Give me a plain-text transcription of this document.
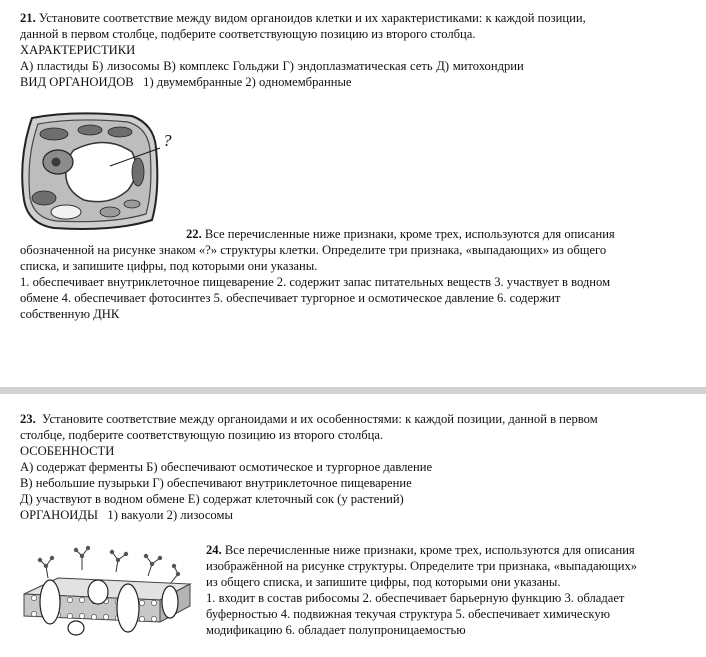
21. Установите соответствие между видом органоидов клетки и их характеристиками: к каждой позиции,
данной в первом столбце, подберите соответствующую позицию из второго столбца.
ХАРАКТЕРИСТИКИ
А) пластиды Б) лизосомы В) комплекс Гольджи Г) эндоплазматическая сеть Д) митохондрии
ВИД ОРГАНОИДОВ 1) двумембранные 2) одномембранные
?
22. Все перечисленные ниже признаки, кроме трех, используются для описания
обозначенной на рисунке знаком «?» структуры клетки. Определите три признака, «выпадающих» из общего
списка, и запишите цифры, под которыми они указаны.
1. обеспечивает внутриклеточное пищеварение 2. содержит запас питательных веществ 3. участвует в водном
обмене 4. обеспечивает фотосинтез 5. обеспечивает тургорное и осмотическое давление 6. содержит
собственную ДНК
23. Установите соответствие между органоидами и их особенностями: к каждой позиции, данной в первом
столбце, подберите соответствующую позицию из второго столбца.
ОСОБЕННОСТИ
А) содержат ферменты Б) обеспечивают осмотическое и тургорное давление
В) небольшие пузырьки Г) обеспечивают внутриклеточное пищеварение
Д) участвуют в водном обмене Е) содержат клеточный сок (у растений)
ОРГАНОИДЫ 1) вакуоли 2) лизосомы
24. Все перечисленные ниже признаки, кроме трех, используются для описания
изображённой на рисунке структуры. Определите три признака, «выпадающих»
из общего списка, и запишите цифры, под которыми они указаны.
1. входит в состав рибосомы 2. обеспечивает барьерную функцию 3. обладает
буферностью 4. подвижная текучая структура 5. обеспечивает химическую
модификацию 6. обладает полупроницаемостью
